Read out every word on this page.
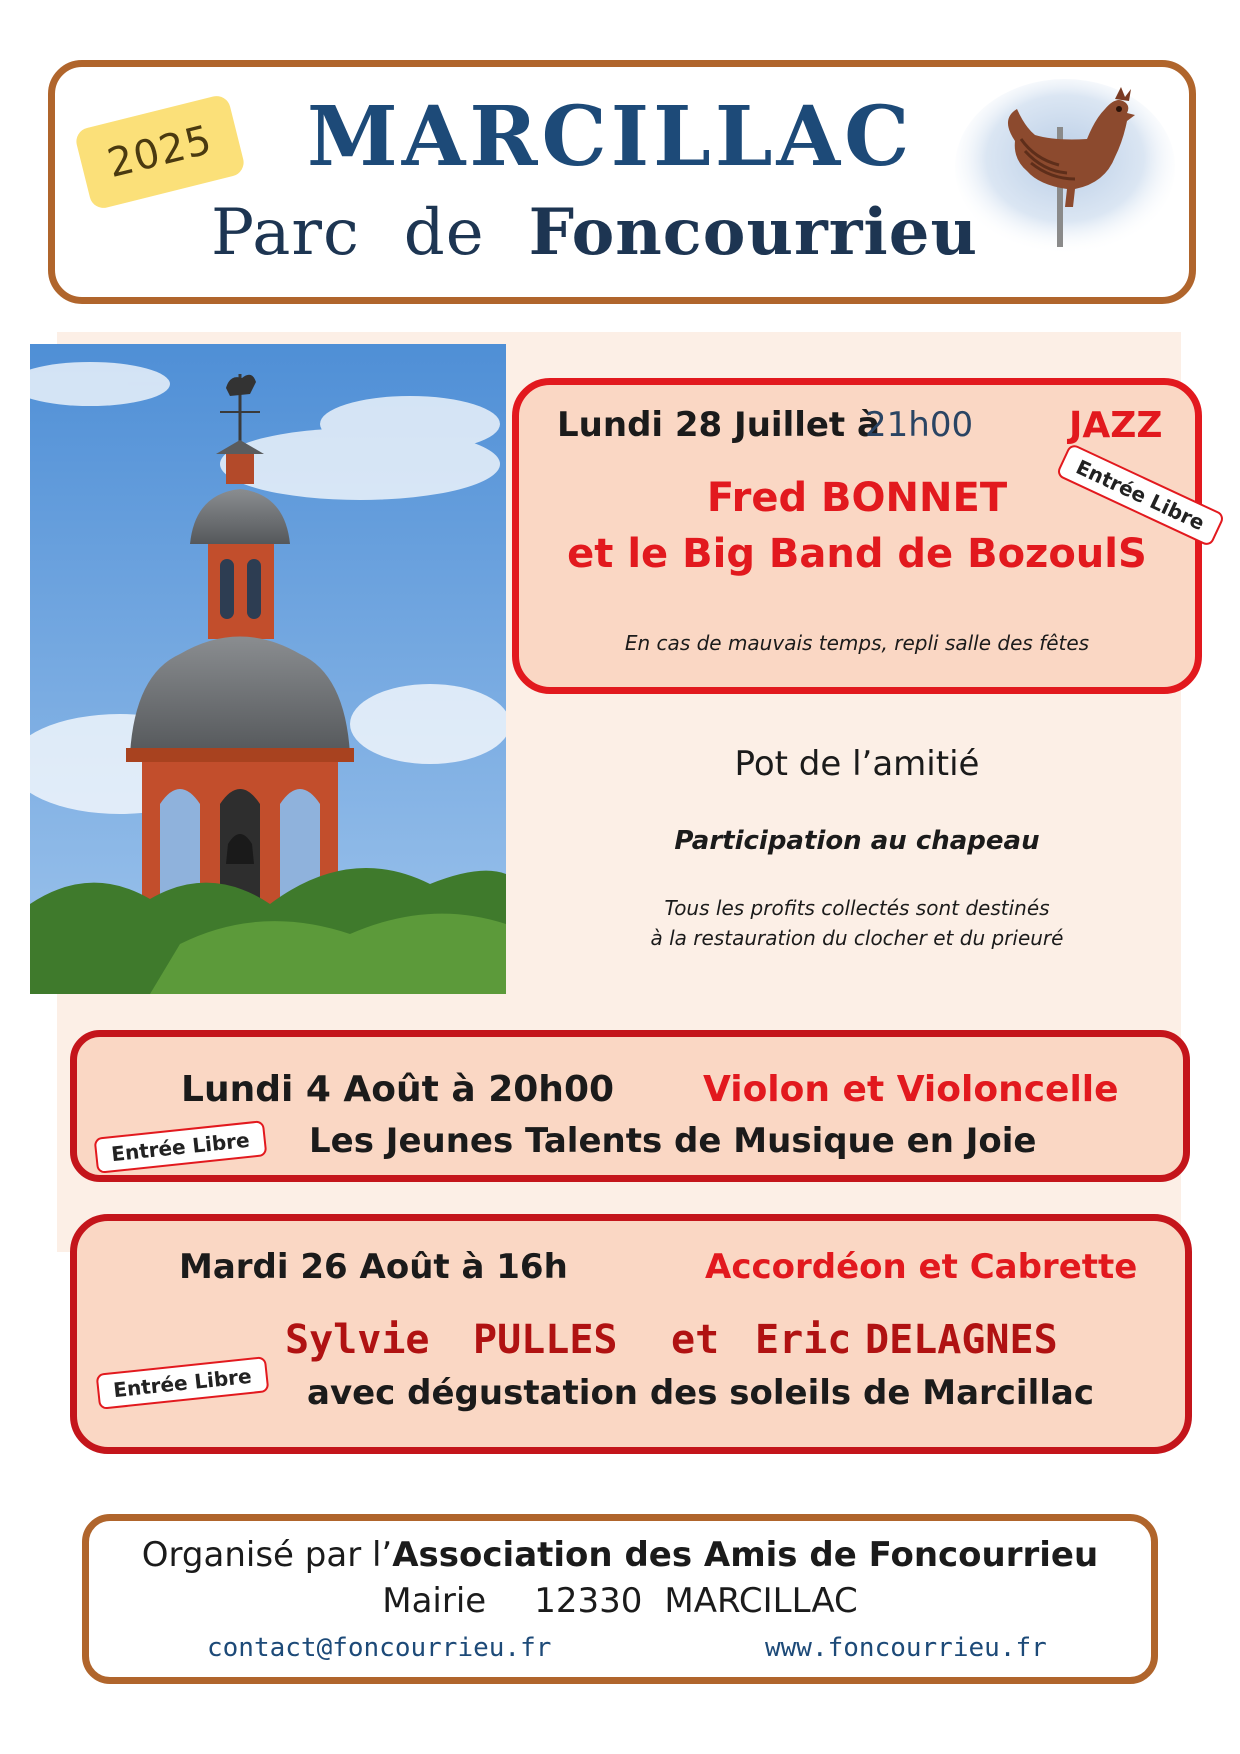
2025 MARCILLAC
Parc de Foncourrieu
Lundi 28 Juillet à
21h00	JAZZ
Entrée Libre
Fred BONNET
et le Big Band de BozoulS
En cas de mauvais temps, repli salle des fêtes
Pot de l’amitié
Participation au chapeau
Tous les profits collectés sont destinés
à la restauration du clocher et du prieuré
Lundi 4 Août à 20h00 Violon et Violoncelle
Entrée Libre	Les Jeunes Talents de Musique en Joie
Mardi 26 Août à 16h	Accordéon et Cabrette
Entrée Libre
Sylvie PULLES et Eric DELAGNES
avec dégustation des soleils de Marcillac
Organisé par l’Association des Amis de Foncourrieu
Mairie 12330 MARCILLAC
contact@foncourrieu.fr	www.foncourrieu.fr
